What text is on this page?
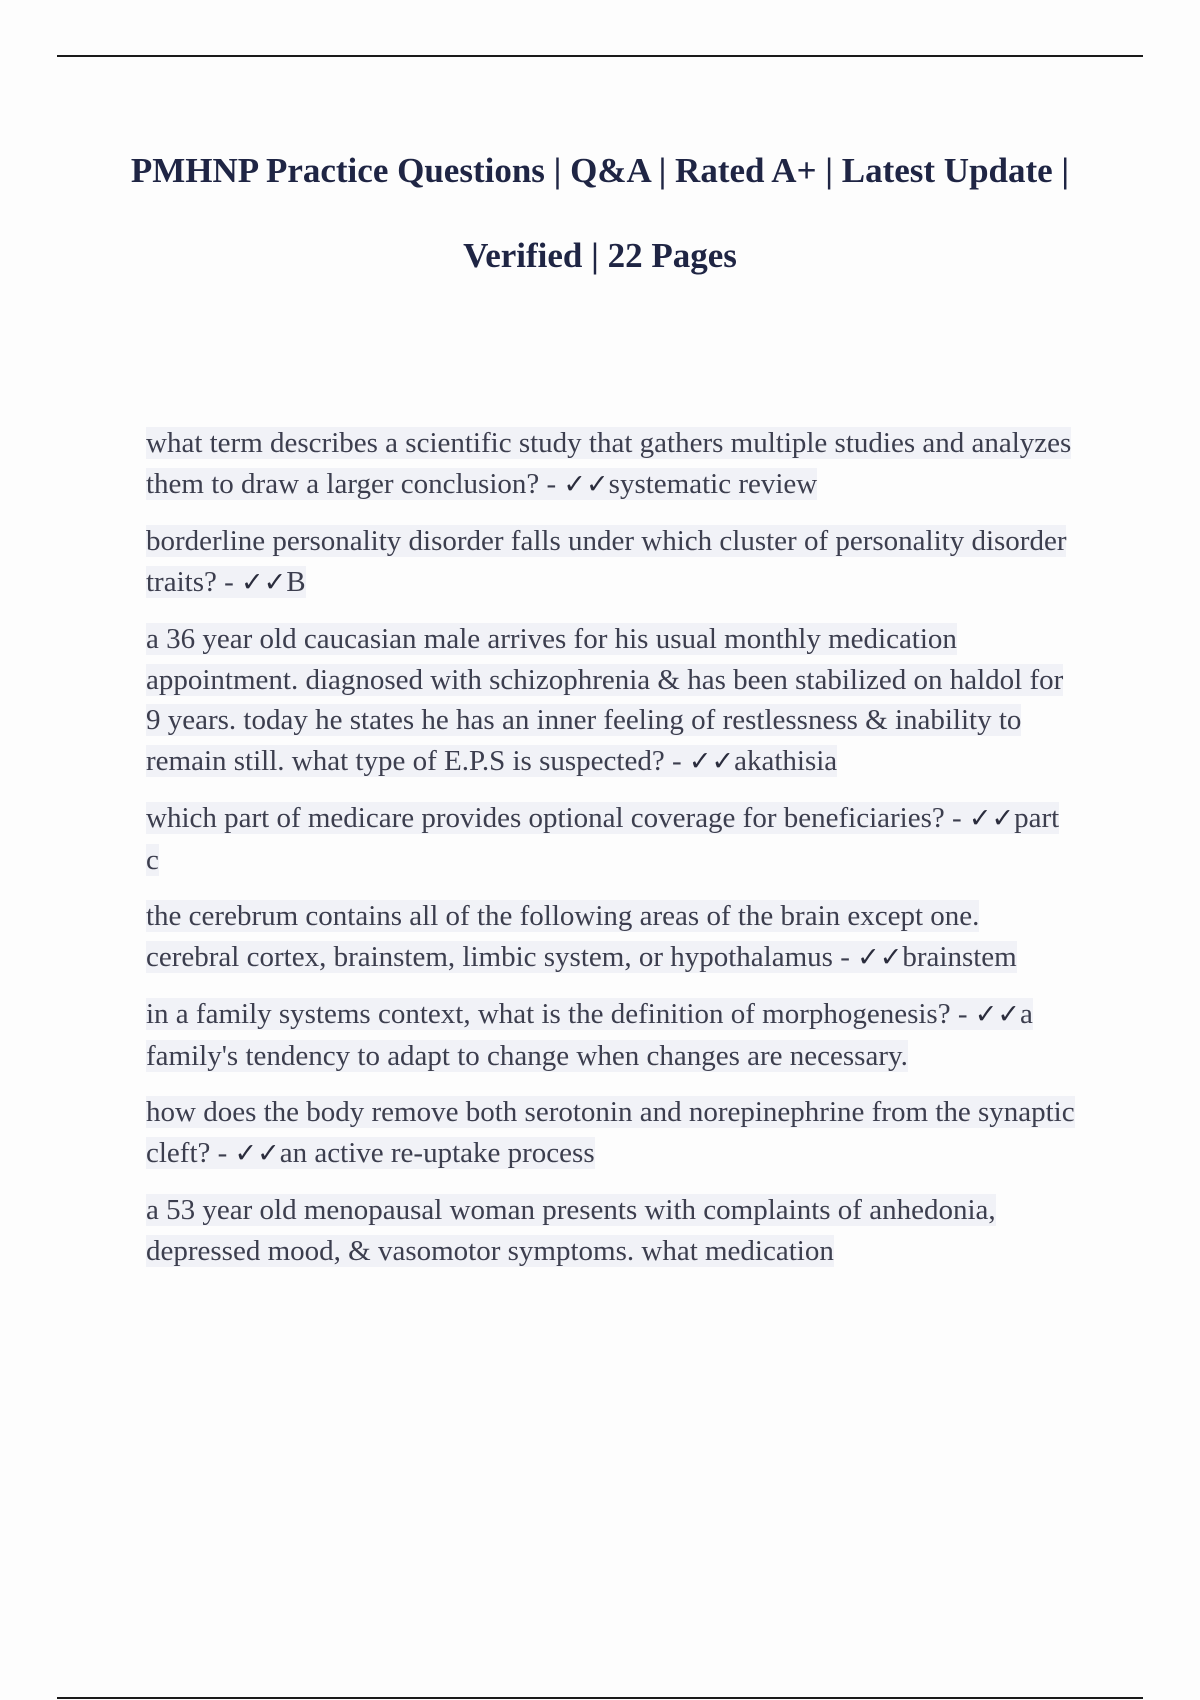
PMHNP Practice Questions | Q&A | Rated A+ | Latest Update | Verified | 22 Pages

what term describes a scientific study that gathers multiple studies and analyzes them to draw a larger conclusion? - ✓✓systematic review

borderline personality disorder falls under which cluster of personality disorder traits? - ✓✓B

a 36 year old caucasian male arrives for his usual monthly medication appointment. diagnosed with schizophrenia & has been stabilized on haldol for 9 years. today he states he has an inner feeling of restlessness & inability to remain still. what type of E.P.S is suspected? - ✓✓akathisia

which part of medicare provides optional coverage for beneficiaries? - ✓✓part c

the cerebrum contains all of the following areas of the brain except one. cerebral cortex, brainstem, limbic system, or hypothalamus - ✓✓brainstem

in a family systems context, what is the definition of morphogenesis? - ✓✓a family's tendency to adapt to change when changes are necessary.

how does the body remove both serotonin and norepinephrine from the synaptic cleft? - ✓✓an active re-uptake process

a 53 year old menopausal woman presents with complaints of anhedonia, depressed mood, & vasomotor symptoms. what medication
